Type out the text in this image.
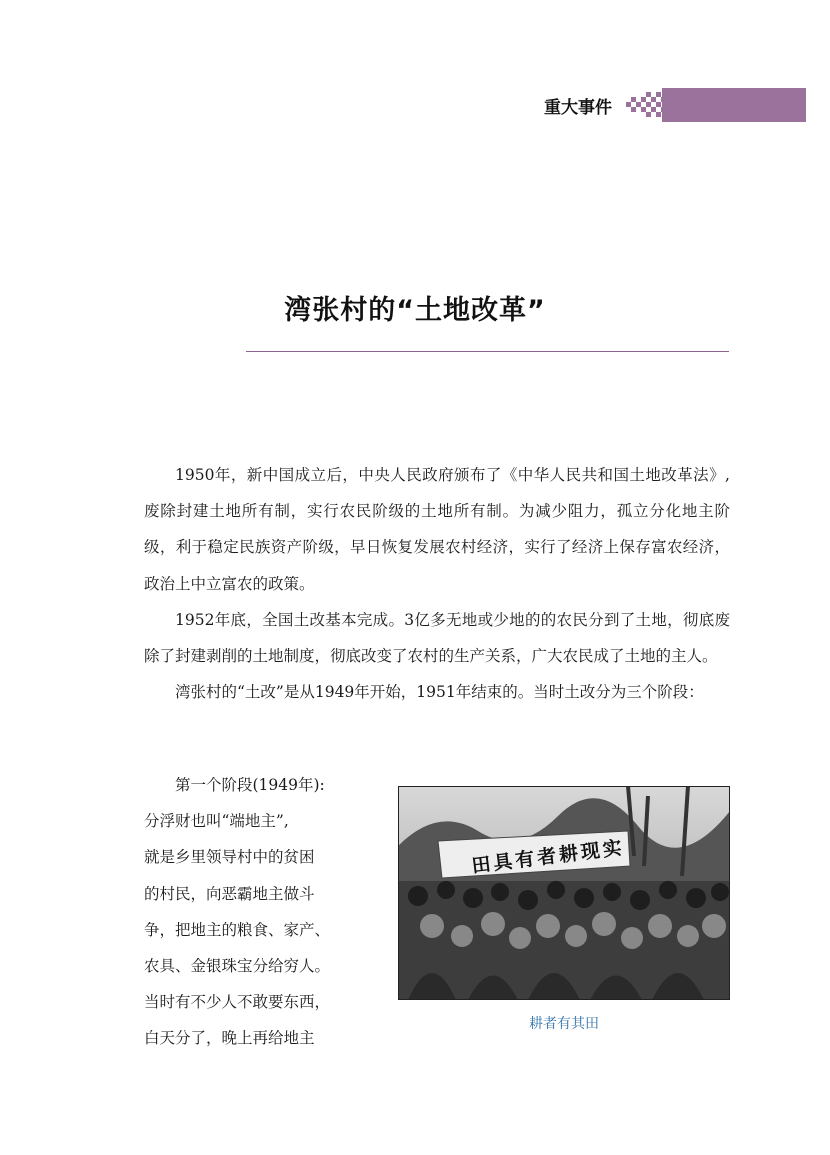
重大事件
湾张村的“土地改革”

1950年，新中国成立后，中央人民政府颁布了《中华人民共和国土地改革法》,废除封建土地所有制，实行农民阶级的土地所有制。为减少阻力，孤立分化地主阶级，利于稳定民族资产阶级，早日恢复发展农村经济，实行了经济上保存富农经济，政治上中立富农的政策。

1952年底，全国土改基本完成。3亿多无地或少地的的农民分到了土地，彻底废除了封建剥削的土地制度，彻底改变了农村的生产关系，广大农民成了土地的主人。

湾张村的“土改”是从1949年开始，1951年结束的。当时土改分为三个阶段：

第一个阶段(1949年):
分浮财也叫“端地主”,
就是乡里领导村中的贫困
的村民，向恶霸地主做斗
争，把地主的粮食、家产、
农具、金银珠宝分给穷人。
当时有不少人不敢要东西，
白天分了，晚上再给地主
田具有者耕现实
耕者有其田
